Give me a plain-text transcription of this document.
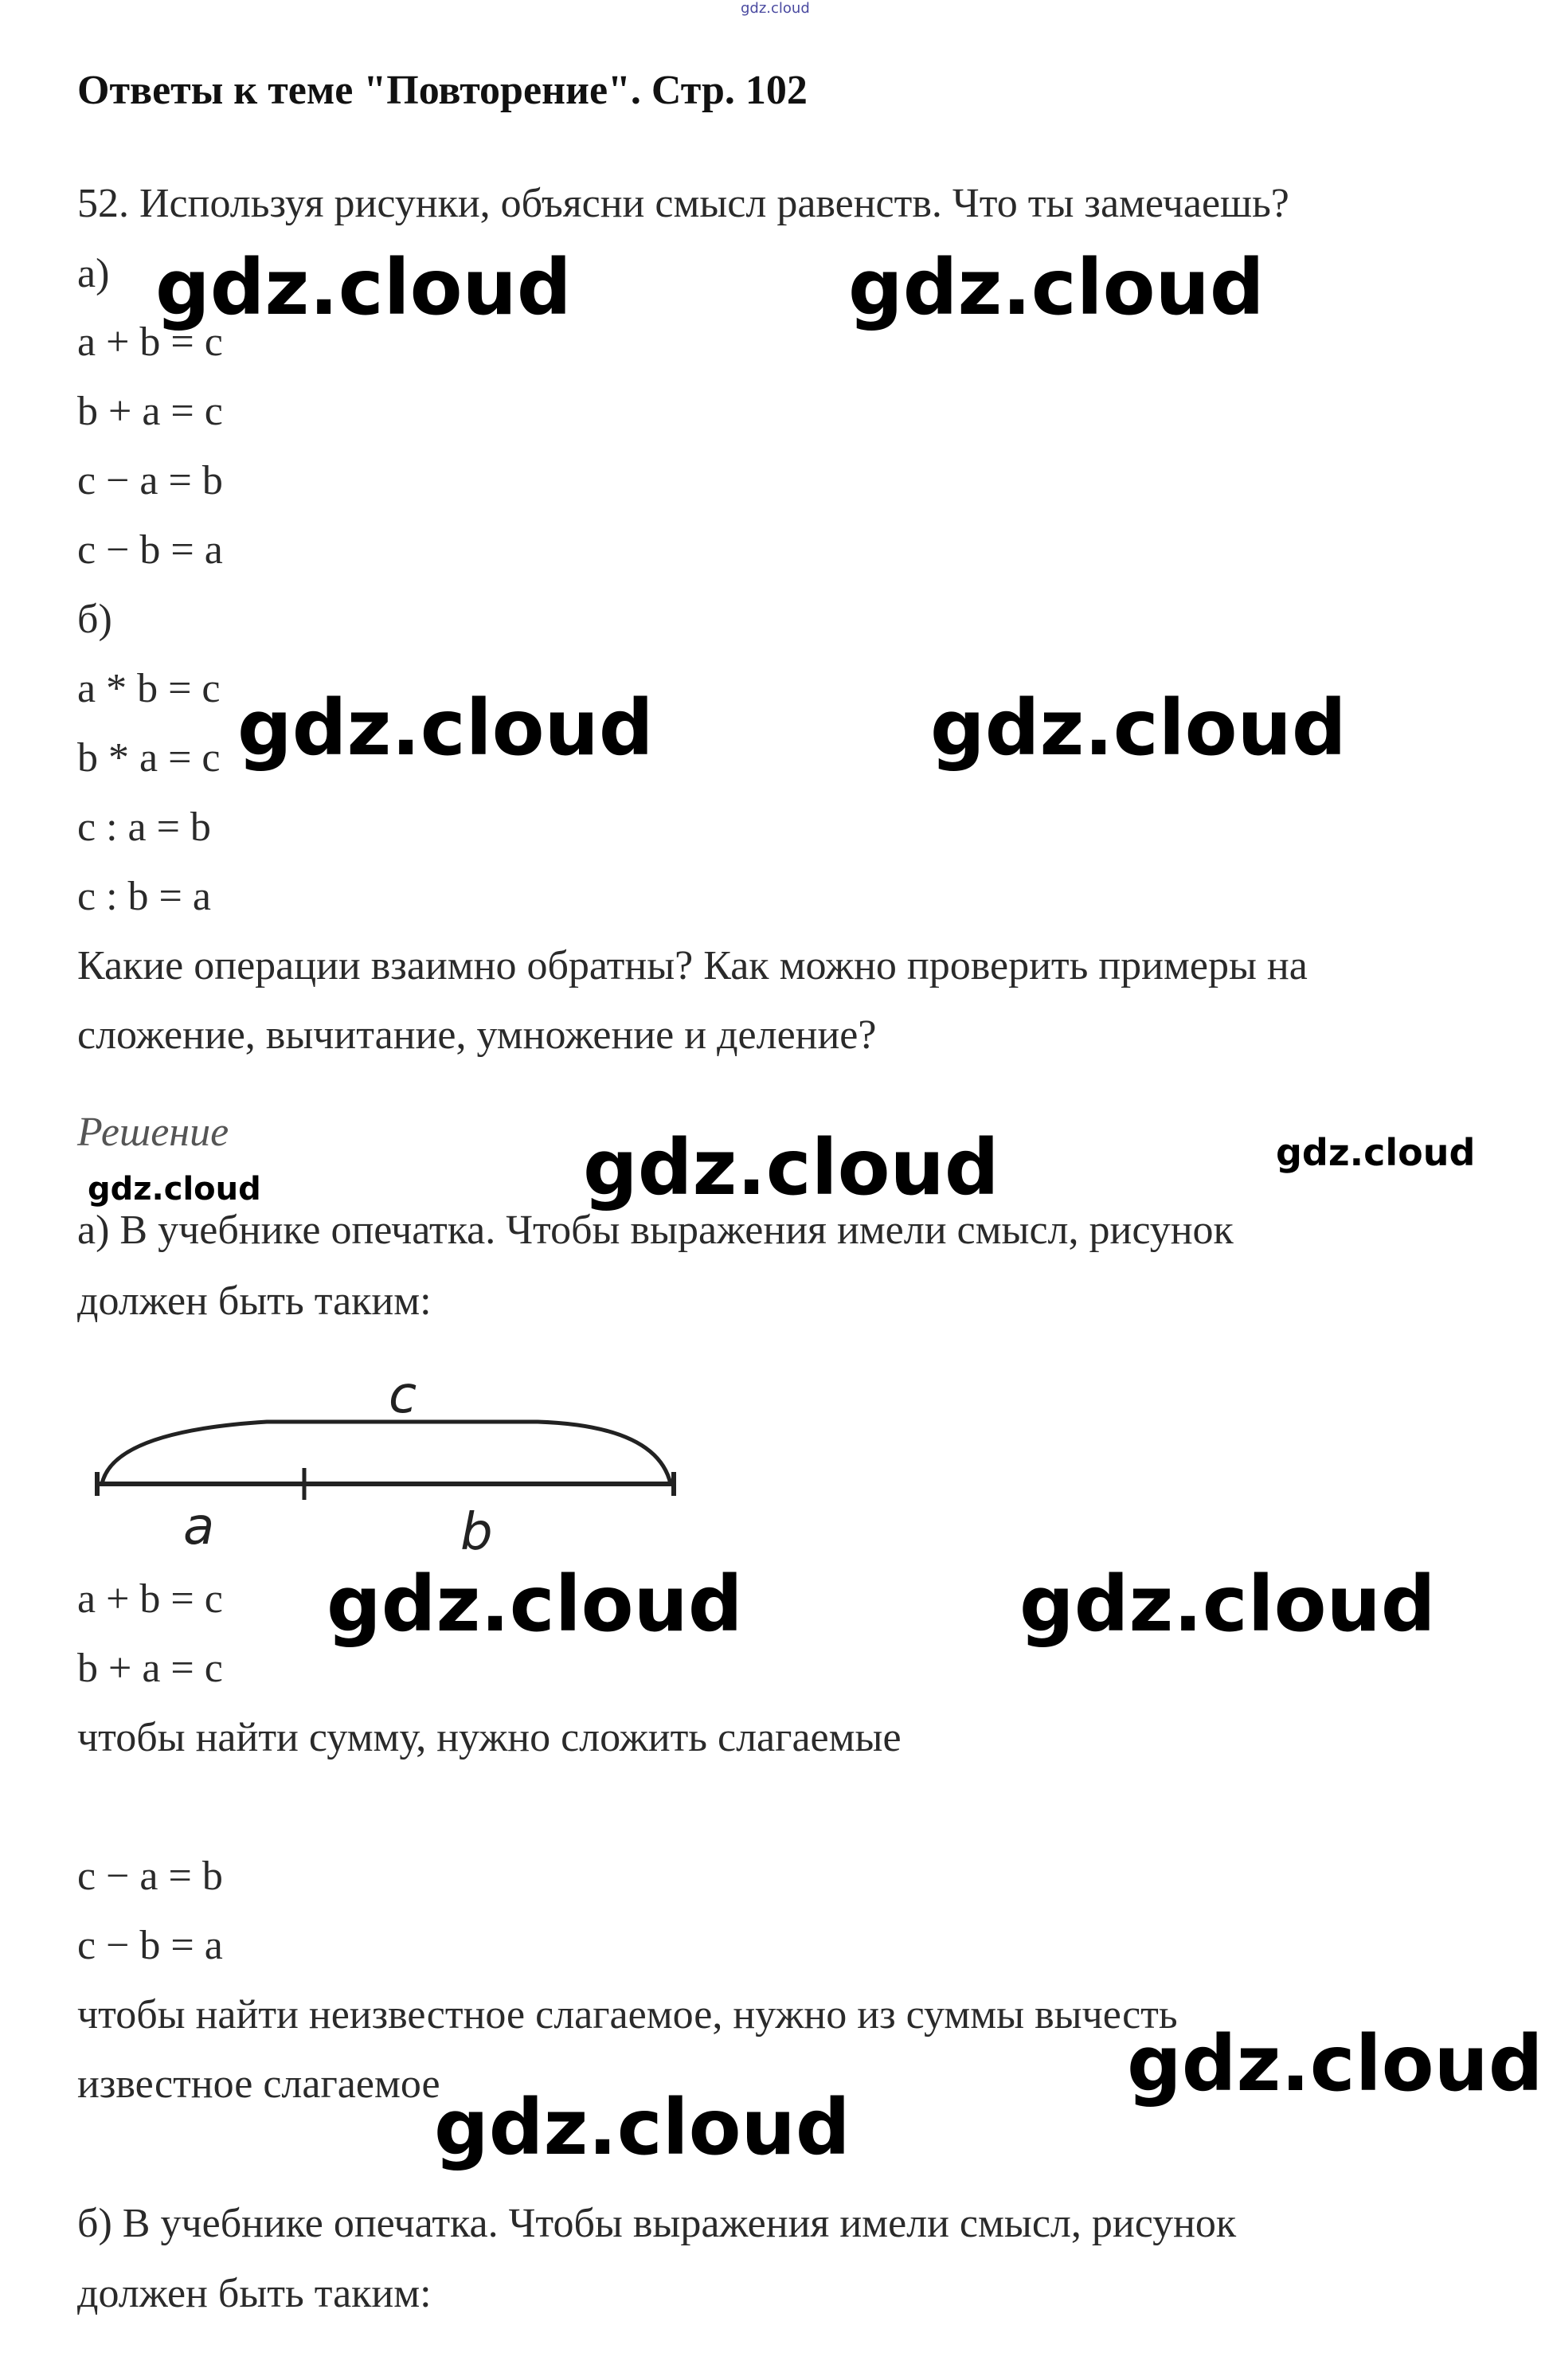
gdz.cloud
Ответы к теме "Повторение". Стр. 102
52. Используя рисунки, объясни смысл равенств. Что ты замечаешь?
а)
a + b = c
b + a = c
c − a = b
c − b = a
б)
a * b = c
b * a = c
c : a = b
c : b = a
Какие операции взаимно обратны? Как можно проверить примеры на
сложение, вычитание, умножение и деление?
Решение
а) В учебнике опечатка. Чтобы выражения имели смысл, рисунок
должен быть таким:
c
a	b
a + b = c
b + a = c
чтобы найти сумму, нужно сложить слагаемые
c − a = b
c − b = a
чтобы найти неизвестное слагаемое, нужно из суммы вычесть
известное слагаемое
б) В учебнике опечатка. Чтобы выражения имели смысл, рисунок
должен быть таким:
gdz.cloud	gdz.cloud
gdz.cloud	gdz.cloud
gdz.cloud	gdz.cloud
gdz.cloud
gdz.cloud	gdz.cloud
gdz.cloud
gdz.cloud
